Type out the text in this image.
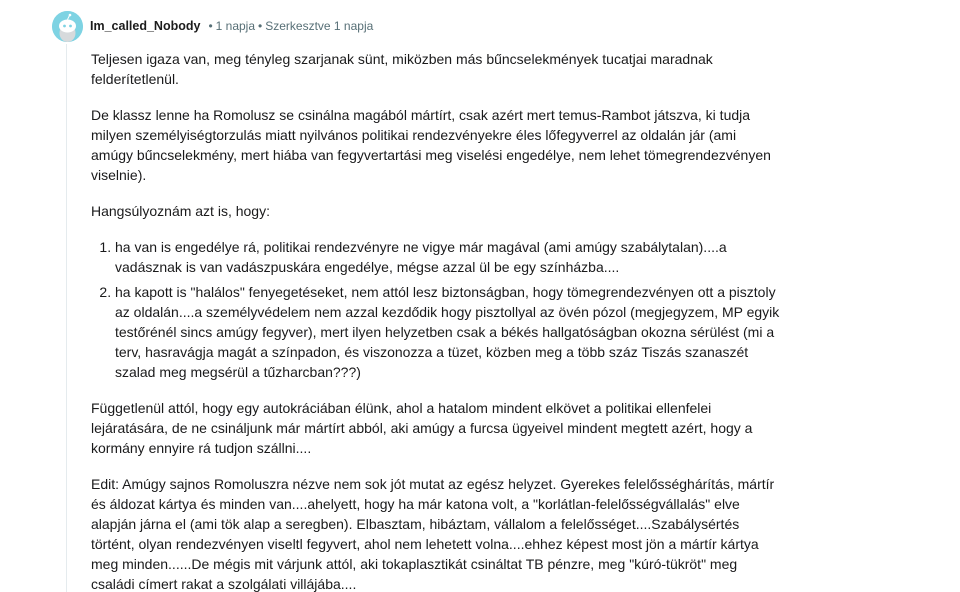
Im_called_Nobody • 1 napja • Szerkesztve 1 napja

Teljesen igaza van, meg tényleg szarjanak sünt, miközben más bűncselekmények tucatjai maradnak felderítetlenül.

De klassz lenne ha Romolusz se csinálna magából mártírt, csak azért mert temus-Rambot játszva, ki tudja milyen személyiségtorzulás miatt nyilvános politikai rendezvényekre éles lőfegyverrel az oldalán jár (ami amúgy bűncselekmény, mert hiába van fegyvertartási meg viselési engedélye, nem lehet tömegrendezvényen viselnie).

Hangsúlyoznám azt is, hogy:

1. ha van is engedélye rá, politikai rendezvényre ne vigye már magával (ami amúgy szabálytalan)....a vadásznak is van vadászpuskára engedélye, mégse azzal ül be egy színházba....
2. ha kapott is "halálos" fenyegetéseket, nem attól lesz biztonságban, hogy tömegrendezvényen ott a pisztoly az oldalán....a személyvédelem nem azzal kezdődik hogy pisztollyal az övén pózol (megjegyzem, MP egyik testőrénél sincs amúgy fegyver), mert ilyen helyzetben csak a békés hallgatóságban okozna sérülést (mi a terv, hasravágja magát a színpadon, és viszonozza a tüzet, közben meg a több száz Tiszás szanaszét szalad meg megsérül a tűzharcban???)

Függetlenül attól, hogy egy autokráciában élünk, ahol a hatalom mindent elkövet a politikai ellenfelei lejáratására, de ne csináljunk már mártírt abból, aki amúgy a furcsa ügyeivel mindent megtett azért, hogy a kormány ennyire rá tudjon szállni....

Edit: Amúgy sajnos Romoluszra nézve nem sok jót mutat az egész helyzet. Gyerekes felelősséghárítás, mártír és áldozat kártya és minden van....ahelyett, hogy ha már katona volt, a "korlátlan-felelősségvállalás" elve alapján járna el (ami tök alap a seregben). Elbasztam, hibáztam, vállalom a felelősséget....Szabálysértés történt, olyan rendezvényen viseltl fegyvert, ahol nem lehetett volna....ehhez képest most jön a mártír kártya meg minden......De mégis mit várjunk attól, aki tokaplasztikát csináltat TB pénzre, meg "kúró-tükröt" meg családi címert rakat a szolgálati villájába....
